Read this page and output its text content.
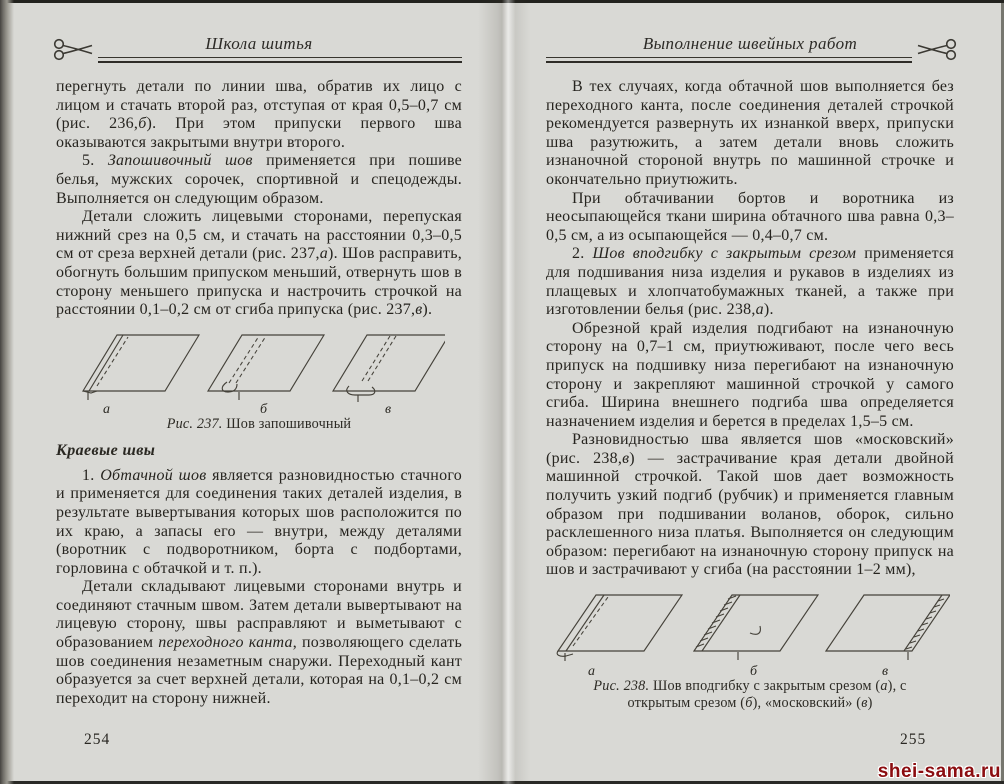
Школа шитья

перегнуть детали по линии шва, обратив их лицо с лицом и стачать второй раз, отступая от края 0,5–0,7 см (рис. 236,б). При этом припуски первого шва оказываются закрытыми внутри второго.

5. Запошивочный шов применяется при пошиве белья, мужских сорочек, спортивной и спецодежды. Выполняется он следующим образом.

Детали сложить лицевыми сторонами, перепуская нижний срез на 0,5 см, и стачать на расстоянии 0,3–0,5 см от среза верхней детали (рис. 237,а). Шов расправить, обогнуть большим припуском меньший, отвернуть шов в сторону меньшего припуска и настрочить строчкой на расстоянии 0,1–0,2 см от сгиба припуска (рис. 237,в).

а	б	в
Рис. 237. Шов запошивочный
Краевые швы

1. Обтачной шов является разновидностью стачного и применяется для соединения таких деталей изделия, в результате вывертывания которых шов расположится по их краю, а запасы его — внутри, между деталями (воротник с подворотником, борта с подбортами, горловина с обтачкой и т. п.).

Детали складывают лицевыми сторонами внутрь и соединяют стачным швом. Затем детали вывертывают на лицевую сторону, швы расправляют и выметывают с образованием переходного канта, позволяющего сделать шов соединения незаметным снаружи. Переходный кант образуется за счет верхней детали, которая на 0,1–0,2 см переходит на сторону нижней.

Выполнение швейных работ

В тех случаях, когда обтачной шов выполняется без переходного канта, после соединения деталей строчкой рекомендуется развернуть их изнанкой вверх, припуски шва разутюжить, а затем детали вновь сложить изнаночной стороной внутрь по машинной строчке и окончательно приутюжить.

При обтачивании бортов и воротника из неосыпающейся ткани ширина обтачного шва равна 0,3–0,5 см, а из осыпающейся — 0,4–0,7 см.

2. Шов вподгибку с закрытым срезом применяется для подшивания низа изделия и рукавов в изделиях из плащевых и хлопчатобумажных тканей, а также при изготовлении белья (рис. 238,а).

Обрезной край изделия подгибают на изнаночную сторону на 0,7–1 см, приутюживают, после чего весь припуск на подшивку низа перегибают на изнаночную сторону и закрепляют машинной строчкой у самого сгиба. Ширина внешнего подгиба шва определяется назначением изделия и берется в пределах 1,5–5 см.

Разновидностью шва является шов «московский» (рис. 238,в) — застрачивание края детали двойной машинной строчкой. Такой шов дает возможность получить узкий подгиб (рубчик) и применяется главным образом при подшивании воланов, оборок, сильно расклешенного низа платья. Выполняется он следующим образом: перегибают на изнаночную сторону припуск на шов и застрачивают у сгиба (на расстоянии 1–2 мм),

а	б	в
Рис. 238. Шов вподгибку с закрытым срезом (а), с открытым срезом (б), «московский» (в)
254	255
shei-sama.ru
